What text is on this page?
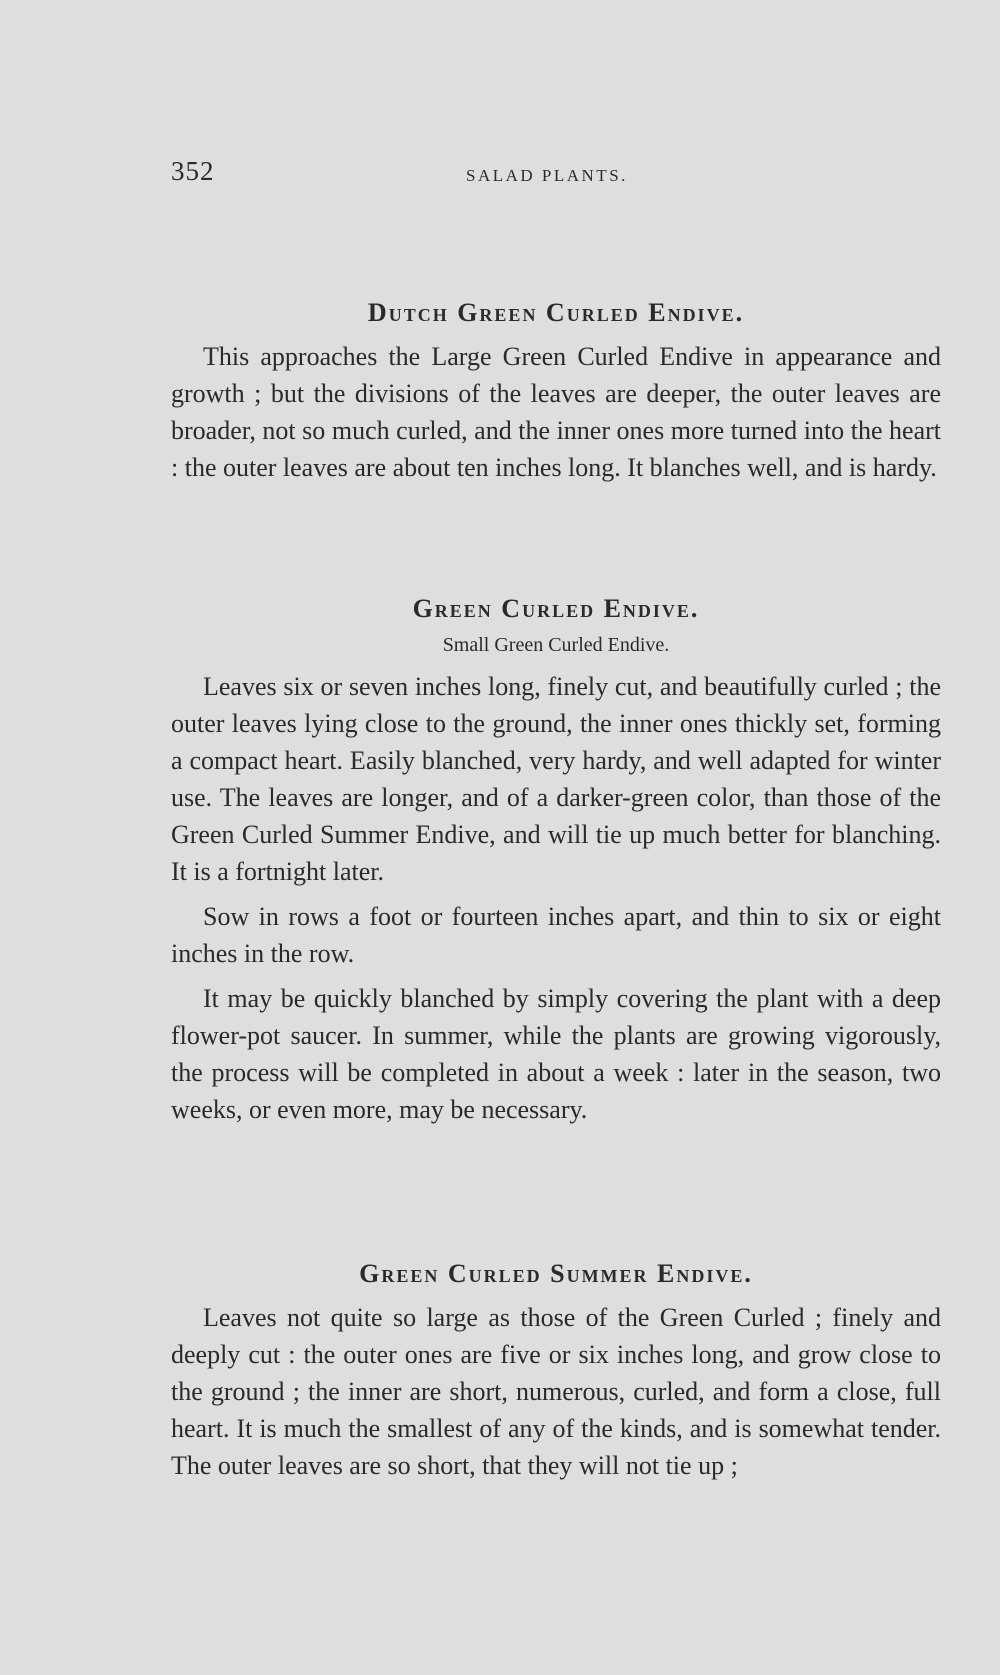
352	SALAD PLANTS.
Dutch Green Curled Endive.

This approaches the Large Green Curled Endive in appearance and growth ; but the divisions of the leaves are deeper, the outer leaves are broader, not so much curled, and the inner ones more turned into the heart : the outer leaves are about ten inches long. It blanches well, and is hardy.

Green Curled Endive.
Small Green Curled Endive.

Leaves six or seven inches long, finely cut, and beautifully curled ; the outer leaves lying close to the ground, the inner ones thickly set, forming a compact heart. Easily blanched, very hardy, and well adapted for winter use. The leaves are longer, and of a darker-green color, than those of the Green Curled Summer Endive, and will tie up much better for blanching. It is a fortnight later.

Sow in rows a foot or fourteen inches apart, and thin to six or eight inches in the row.

It may be quickly blanched by simply covering the plant with a deep flower-pot saucer. In summer, while the plants are growing vigorously, the process will be completed in about a week : later in the season, two weeks, or even more, may be necessary.

Green Curled Summer Endive.

Leaves not quite so large as those of the Green Curled ; finely and deeply cut : the outer ones are five or six inches long, and grow close to the ground ; the inner are short, numerous, curled, and form a close, full heart. It is much the smallest of any of the kinds, and is somewhat tender. The outer leaves are so short, that they will not tie up ;
